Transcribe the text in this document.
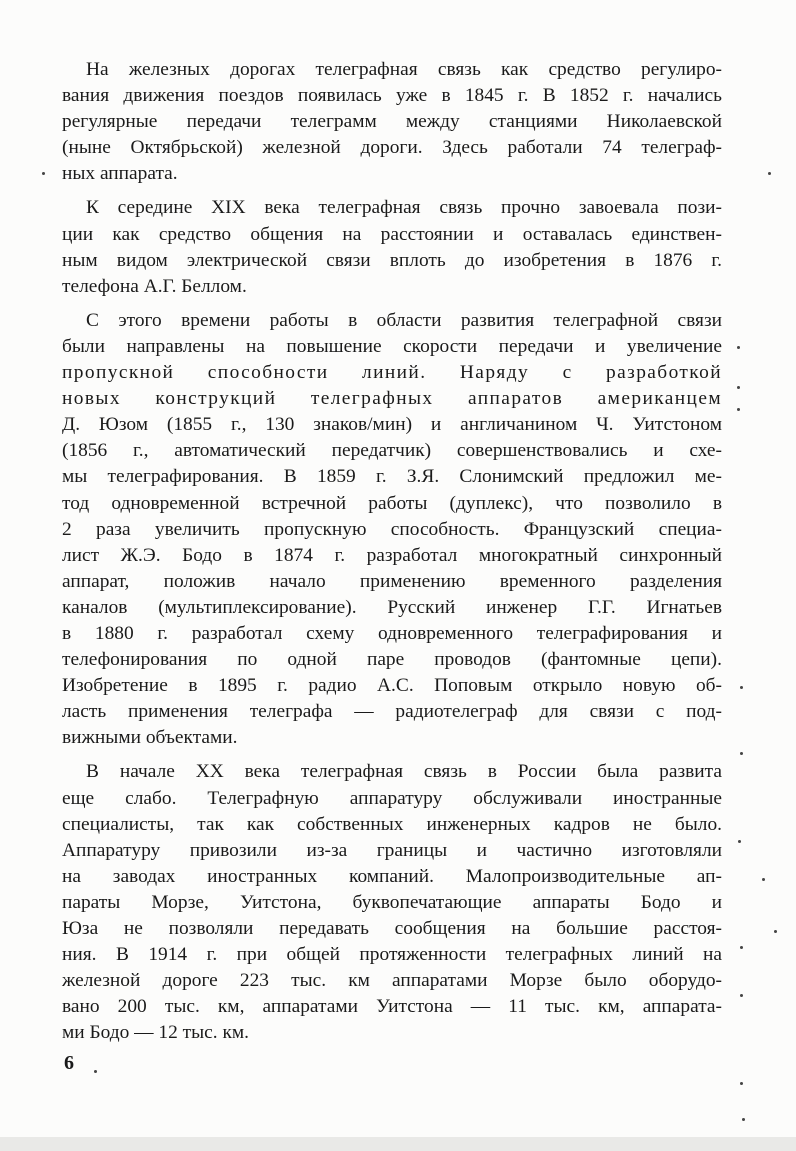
На железных дорогах телеграфная связь как средство регулиро-
вания движения поездов появилась уже в 1845 г. В 1852 г. начались
регулярные передачи телеграмм между станциями Николаевской
(ныне Октябрьской) железной дороги. Здесь работали 74 телеграф-
ных аппарата.

К середине XIX века телеграфная связь прочно завоевала пози-
ции как средство общения на расстоянии и оставалась единствен-
ным видом электрической связи вплоть до изобретения в 1876 г.
телефона А.Г. Беллом.

С этого времени работы в области развития телеграфной связи
были направлены на повышение скорости передачи и увеличение
пропускной способности линий. Наряду с разработкой
новых конструкций телеграфных аппаратов американцем
Д. Юзом (1855 г., 130 знаков/мин) и англичанином Ч. Уитстоном
(1856 г., автоматический передатчик) совершенствовались и схе-
мы телеграфирования. В 1859 г. З.Я. Слонимский предложил ме-
тод одновременной встречной работы (дуплекс), что позволило в
2 раза увеличить пропускную способность. Французский специа-
лист Ж.Э. Бодо в 1874 г. разработал многократный синхронный
аппарат, положив начало применению временного разделения
каналов (мультиплексирование). Русский инженер Г.Г. Игнатьев
в 1880 г. разработал схему одновременного телеграфирования и
телефонирования по одной паре проводов (фантомные цепи).
Изобретение в 1895 г. радио А.С. Поповым открыло новую об-
ласть применения телеграфа — радиотелеграф для связи с под-
вижными объектами.

В начале XX века телеграфная связь в России была развита
еще слабо. Телеграфную аппаратуру обслуживали иностранные
специалисты, так как собственных инженерных кадров не было.
Аппаратуру привозили из-за границы и частично изготовляли
на заводах иностранных компаний. Малопроизводительные ап-
параты Морзе, Уитстона, буквопечатающие аппараты Бодо и
Юза не позволяли передавать сообщения на большие расстоя-
ния. В 1914 г. при общей протяженности телеграфных линий на
железной дороге 223 тыс. км аппаратами Морзе было оборудо-
вано 200 тыс. км, аппаратами Уитстона — 11 тыс. км, аппарата-
ми Бодо — 12 тыс. км.

6
